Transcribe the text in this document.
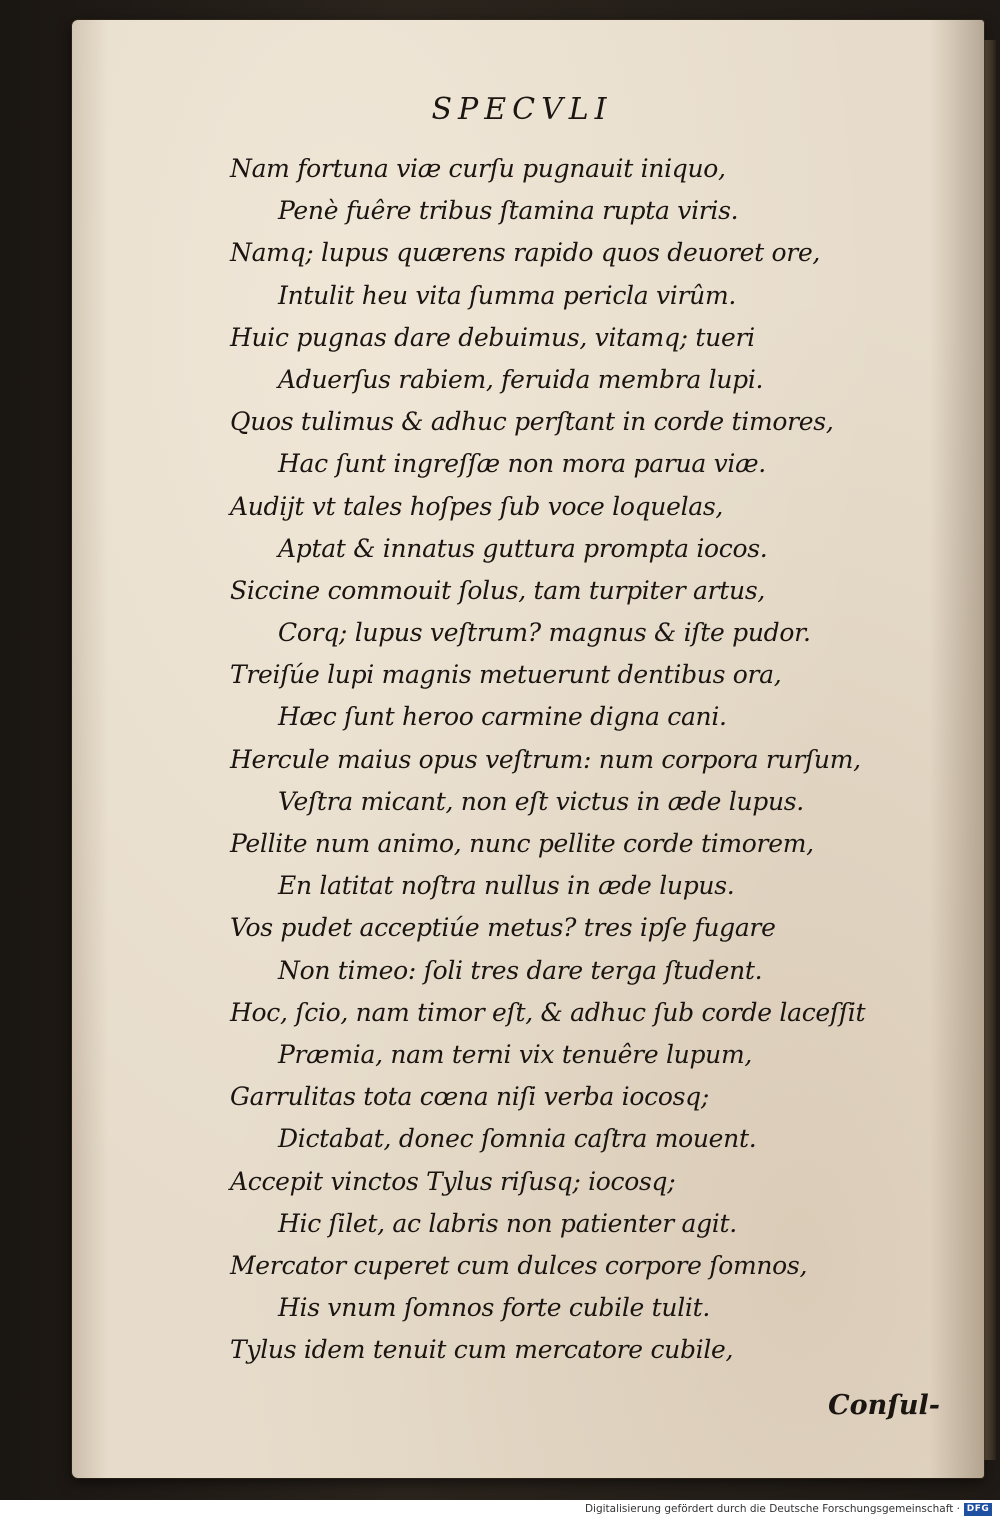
SPECVLI
Nam fortuna viæ curſu pugnauit iniquo,
Penè fuêre tribus ſtamina rupta viris.
Namq; lupus quærens rapido quos deuoret ore,
Intulit heu vita ſumma pericla virûm.
Huic pugnas dare debuimus, vitamq; tueri
Aduerſus rabiem, feruida membra lupi.
Quos tulimus & adhuc perſtant in corde timores,
Hac ſunt ingreſſæ non mora parua viæ.
Audijt vt tales hoſpes ſub voce loquelas,
Aptat & innatus guttura prompta iocos.
Siccine commouit ſolus, tam turpiter artus,
Corq; lupus veſtrum? magnus & iſte pudor.
Treiſúe lupi magnis metuerunt dentibus ora,
Hæc ſunt heroo carmine digna cani.
Hercule maius opus veſtrum: num corpora rurſum,
Veſtra micant, non eſt victus in æde lupus.
Pellite num animo, nunc pellite corde timorem,
En latitat noſtra nullus in æde lupus.
Vos pudet acceptiúe metus? tres ipſe fugare
Non timeo: ſoli tres dare terga ſtudent.
Hoc, ſcio, nam timor eſt, & adhuc ſub corde laceſſit
Præmia, nam terni vix tenuêre lupum,
Garrulitas tota cœna niſi verba iocosq;
Dictabat, donec ſomnia caſtra mouent.
Accepit vinctos Tylus riſusq; iocosq;
Hic ſilet, ac labris non patienter agit.
Mercator cuperet cum dulces corpore ſomnos,
His vnum ſomnos forte cubile tulit.
Tylus idem tenuit cum mercatore cubile,
Conſul-
Digitalisierung gefördert durch die Deutsche Forschungsgemeinschaft · DFG
